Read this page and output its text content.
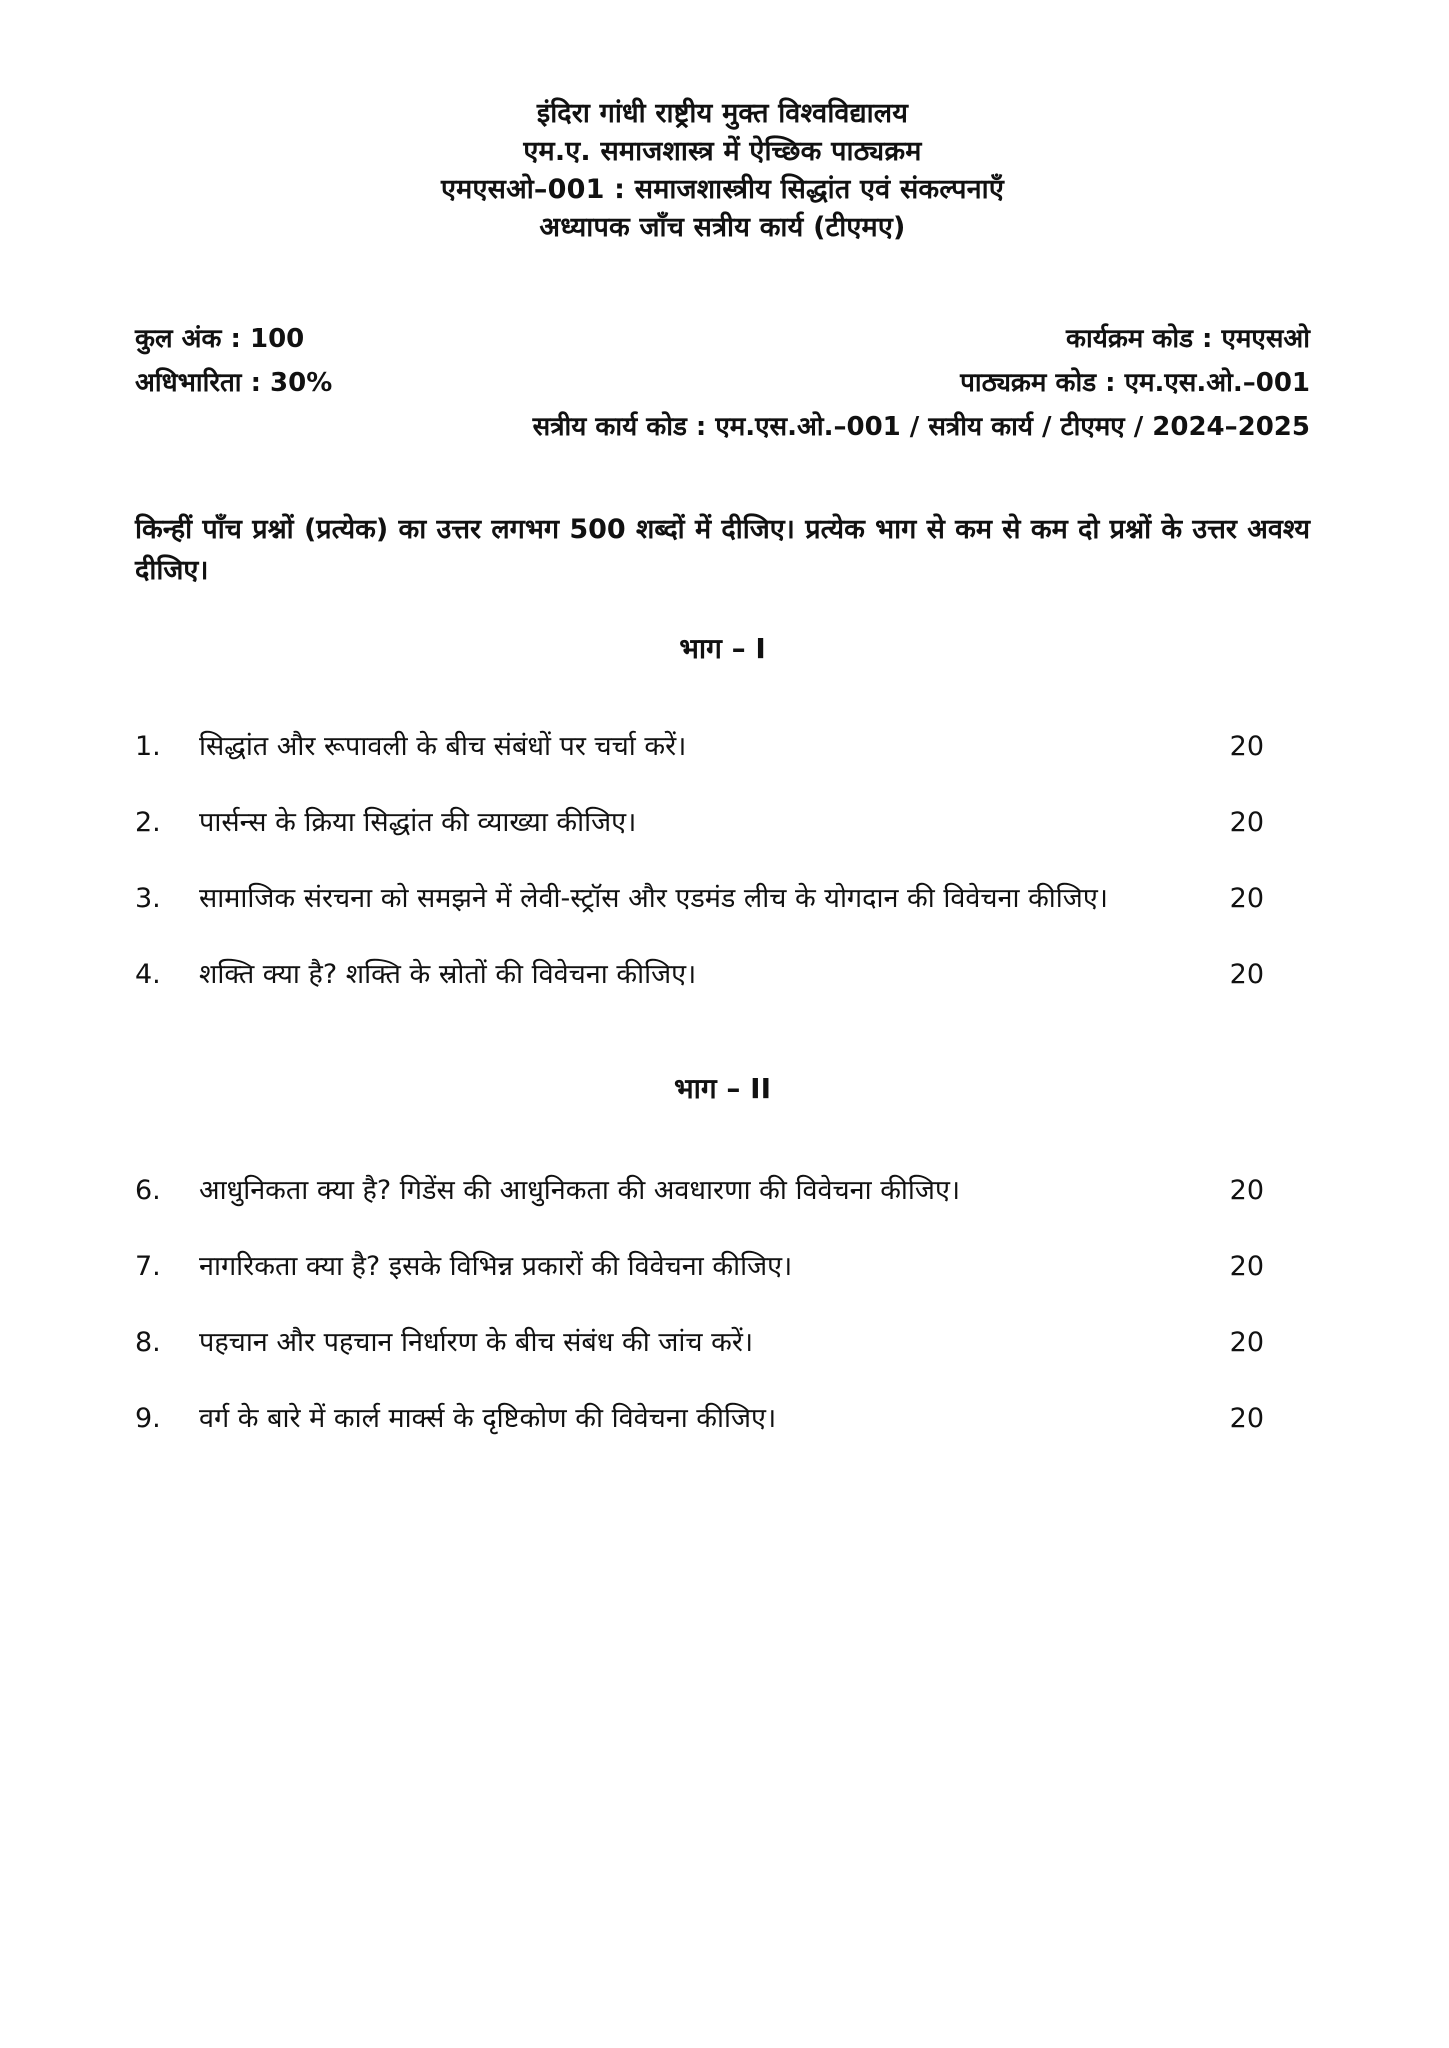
इंदिरा गांधी राष्ट्रीय मुक्त विश्वविद्यालय
एम.ए. समाजशास्त्र में ऐच्छिक पाठ्यक्रम
एमएसओ–001 : समाजशास्त्रीय सिद्धांत एवं संकल्पनाएँ
अध्यापक जाँच सत्रीय कार्य (टीएमए)
कुल अंक : 100	कार्यक्रम कोड : एमएसओ
अधिभारिता : 30%	पाठ्यक्रम कोड : एम.एस.ओ.–001
सत्रीय कार्य कोड : एम.एस.ओ.–001 / सत्रीय कार्य / टीएमए / 2024–2025

किन्हीं पाँच प्रश्नों (प्रत्येक) का उत्तर लगभग 500 शब्दों में दीजिए। प्रत्येक भाग से कम से कम दो प्रश्नों के उत्तर अवश्य दीजिए।

भाग – I
1.	सिद्धांत और रूपावली के बीच संबंधों पर चर्चा करें।	20
2.	पार्सन्स के क्रिया सिद्धांत की व्याख्या कीजिए।	20
3.	सामाजिक संरचना को समझने में लेवी-स्ट्रॉस और एडमंड लीच के योगदान की विवेचना कीजिए।	20
4.	शक्ति क्या है? शक्ति के स्रोतों की विवेचना कीजिए।	20
भाग – II
6.	आधुनिकता क्या है? गिडेंस की आधुनिकता की अवधारणा की विवेचना कीजिए।	20
7.	नागरिकता क्या है? इसके विभिन्न प्रकारों की विवेचना कीजिए।	20
8.	पहचान और पहचान निर्धारण के बीच संबंध की जांच करें।	20
9.	वर्ग के बारे में कार्ल मार्क्स के दृष्टिकोण की विवेचना कीजिए।	20
